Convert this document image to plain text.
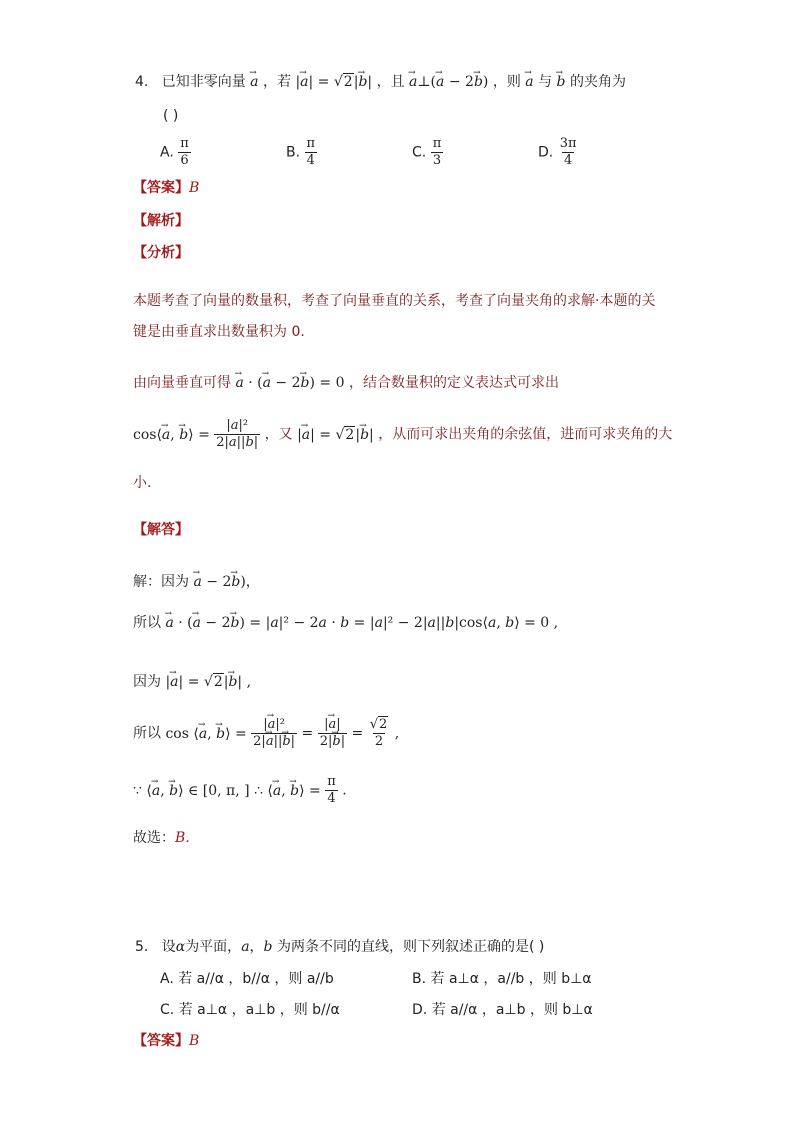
4. 已知非零向量 → a ，若 |→ a| = √2|→ b| ，且 → a⊥(→ a − 2→ b) ，则 → a 与 → b 的夹角为
( )
A. $\frac{\pi}{6}$	B. $\frac{\pi}{4}$	C. $\frac{\pi}{3}$	D. $\frac{3\pi}{4}$
【答案】B
【解析】
【分析】
本题考查了向量的数量积，考查了向量垂直的关系，考查了向量夹角的求解·本题的关
键是由垂直求出数量积为 0.
由向量垂直可得 → a · (→ a − 2→ b) = 0 ，结合数量积的定义表达式可求出
cos⟨→ a, → b⟩ = $\frac{\text{|a|²}}{2|a||b|}$ ，又 |→ a| = √2|→ b| ，从而可求出夹角的余弦值，进而可求夹角的大
小.
【解答】
解：因为 → a − 2→ b)，
所以 → a · (→ a − 2→ b) = |a|² − 2a · b = |a|² − 2|a||b|cos⟨a, b⟩ = 0 ,
因为 |→ a| = √2|→ b| ,
所以 cos ⟨→ a, → b⟩ = $\frac{\text{|→ a|²}}{2|\to a||\to b|} = \frac{|\to a|}{2|\to b|} = \frac{√2}{2}$ ,
∵ ⟨→ a, → b⟩ ∈ [0, π, ] ∴ ⟨→ a, → b⟩ = $\frac{\pi}{4}$ .
故选：B.
5. 设α为平面，a，b 为两条不同的直线，则下列叙述正确的是( )
A. 若 a//α ，b//α ，则 a//b	B. 若 a⊥α ，a//b ，则 b⊥α
C. 若 a⊥α ，a⊥b ，则 b//α	D. 若 a//α ，a⊥b ，则 b⊥α
【答案】B
